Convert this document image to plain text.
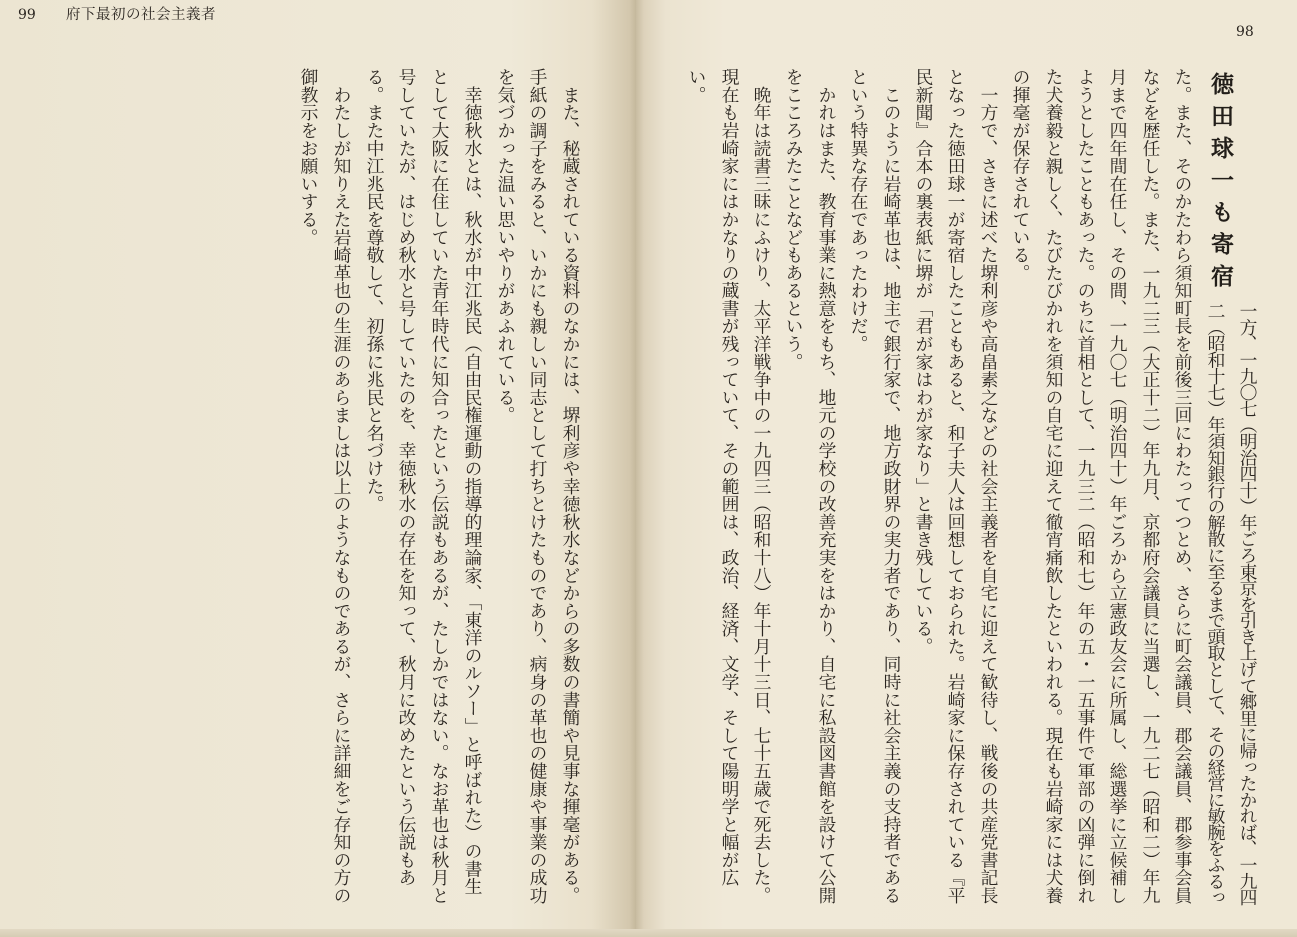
99 府下最初の社会主義者
　また、秘蔵されている資料のなかには、堺利彦や幸徳秋水などからの多数の書簡や見事な揮毫がある。
手紙の調子をみると、いかにも親しい同志として打ちとけたものであり、病身の革也の健康や事業の成功
を気づかった温い思いやりがあふれている。
　幸徳秋水とは、秋水が中江兆民（自由民権運動の指導的理論家、「東洋のルソー」と呼ばれた）の書生
として大阪に在住していた青年時代に知合ったという伝説もあるが、たしかではない。なお革也は秋月と
号していたが、はじめ秋水と号していたのを、幸徳秋水の存在を知って、秋月に改めたという伝説もあ
る。また中江兆民を尊敬して、初孫に兆民と名づけた。
　わたしが知りえた岩崎革也の生涯のあらましは以上のようなものであるが、さらに詳細をご存知の方の
御教示をお願いする。
98
徳田球一も寄宿
一方、一九〇七（明治四十）年ごろ東京を引き上げて郷里に帰ったかれば、一九四
二（昭和十七）年須知銀行の解散に至るまで頭取として、その経営に敏腕をふるっ
た。また、そのかたわら須知町長を前後三回にわたってつとめ、さらに町会議員、郡会議員、郡参事会員
などを歴任した。また、一九二三（大正十二）年九月、京都府会議員に当選し、一九二七（昭和二）年九
月まで四年間在任し、その間、一九〇七（明治四十）年ごろから立憲政友会に所属し、総選挙に立候補し
ようとしたこともあった。のちに首相として、一九三二（昭和七）年の五・一五事件で軍部の凶弾に倒れ
た犬養毅と親しく、たびたびかれを須知の自宅に迎えて徹宵痛飲したといわれる。現在も岩崎家には犬養
の揮毫が保存されている。
　一方で、さきに述べた堺利彦や高畠素之などの社会主義者を自宅に迎えて歓待し、戦後の共産党書記長
となった徳田球一が寄宿したこともあると、和子夫人は回想しておられた。岩崎家に保存されている『平
民新聞』合本の裏表紙に堺が「君が家はわが家なり」と書き残している。
　このように岩崎革也は、地主で銀行家で、地方政財界の実力者であり、同時に社会主義の支持者である
という特異な存在であったわけだ。
　かれはまた、教育事業に熱意をもち、地元の学校の改善充実をはかり、自宅に私設図書館を設けて公開
をこころみたことなどもあるという。
　晩年は読書三昧にふけり、太平洋戦争中の一九四三（昭和十八）年十月十三日、七十五歳で死去した。
現在も岩崎家にはかなりの蔵書が残っていて、その範囲は、政治、経済、文学、そして陽明学と幅が広
い。
